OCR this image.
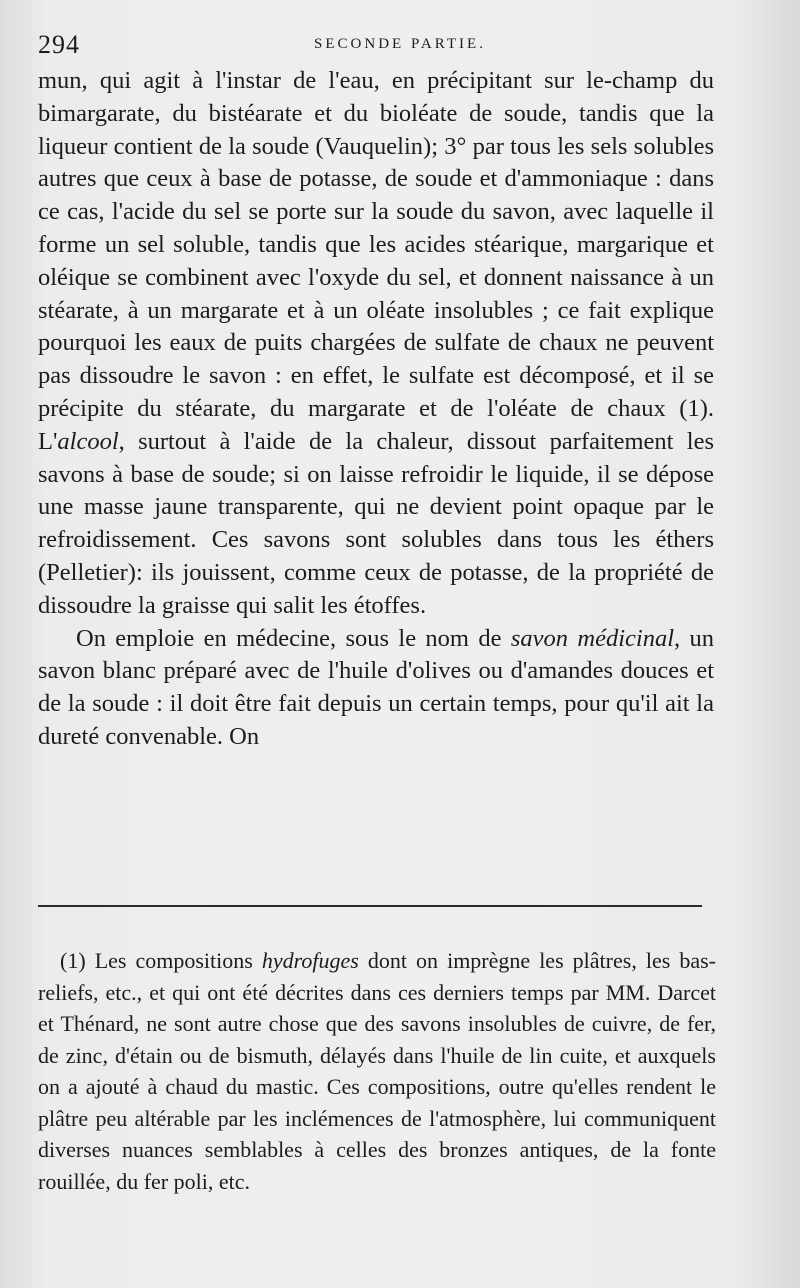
294	SECONDE PARTIE.

mun, qui agit à l'instar de l'eau, en précipitant sur le-champ du bimargarate, du bistéarate et du bioléate de soude, tandis que la liqueur contient de la soude (Vauquelin); 3° par tous les sels solubles autres que ceux à base de potasse, de soude et d'ammoniaque : dans ce cas, l'acide du sel se porte sur la soude du savon, avec laquelle il forme un sel soluble, tandis que les acides stéarique, margarique et oléique se combinent avec l'oxyde du sel, et donnent naissance à un stéarate, à un margarate et à un oléate insolubles ; ce fait explique pourquoi les eaux de puits chargées de sulfate de chaux ne peuvent pas dissoudre le savon : en effet, le sulfate est décomposé, et il se précipite du stéarate, du margarate et de l'oléate de chaux (1). L'alcool, surtout à l'aide de la chaleur, dissout parfaitement les savons à base de soude; si on laisse refroidir le liquide, il se dépose une masse jaune transparente, qui ne devient point opaque par le refroidissement. Ces savons sont solubles dans tous les éthers (Pelletier): ils jouissent, comme ceux de potasse, de la propriété de dissoudre la graisse qui salit les étoffes.

On emploie en médecine, sous le nom de savon médicinal, un savon blanc préparé avec de l'huile d'olives ou d'amandes douces et de la soude : il doit être fait depuis un certain temps, pour qu'il ait la dureté convenable. On

(1) Les compositions hydrofuges dont on imprègne les plâtres, les bas-reliefs, etc., et qui ont été décrites dans ces derniers temps par MM. Darcet et Thénard, ne sont autre chose que des savons insolubles de cuivre, de fer, de zinc, d'étain ou de bismuth, délayés dans l'huile de lin cuite, et auxquels on a ajouté à chaud du mastic. Ces compositions, outre qu'elles rendent le plâtre peu altérable par les inclémences de l'atmosphère, lui communiquent diverses nuances semblables à celles des bronzes antiques, de la fonte rouillée, du fer poli, etc.
